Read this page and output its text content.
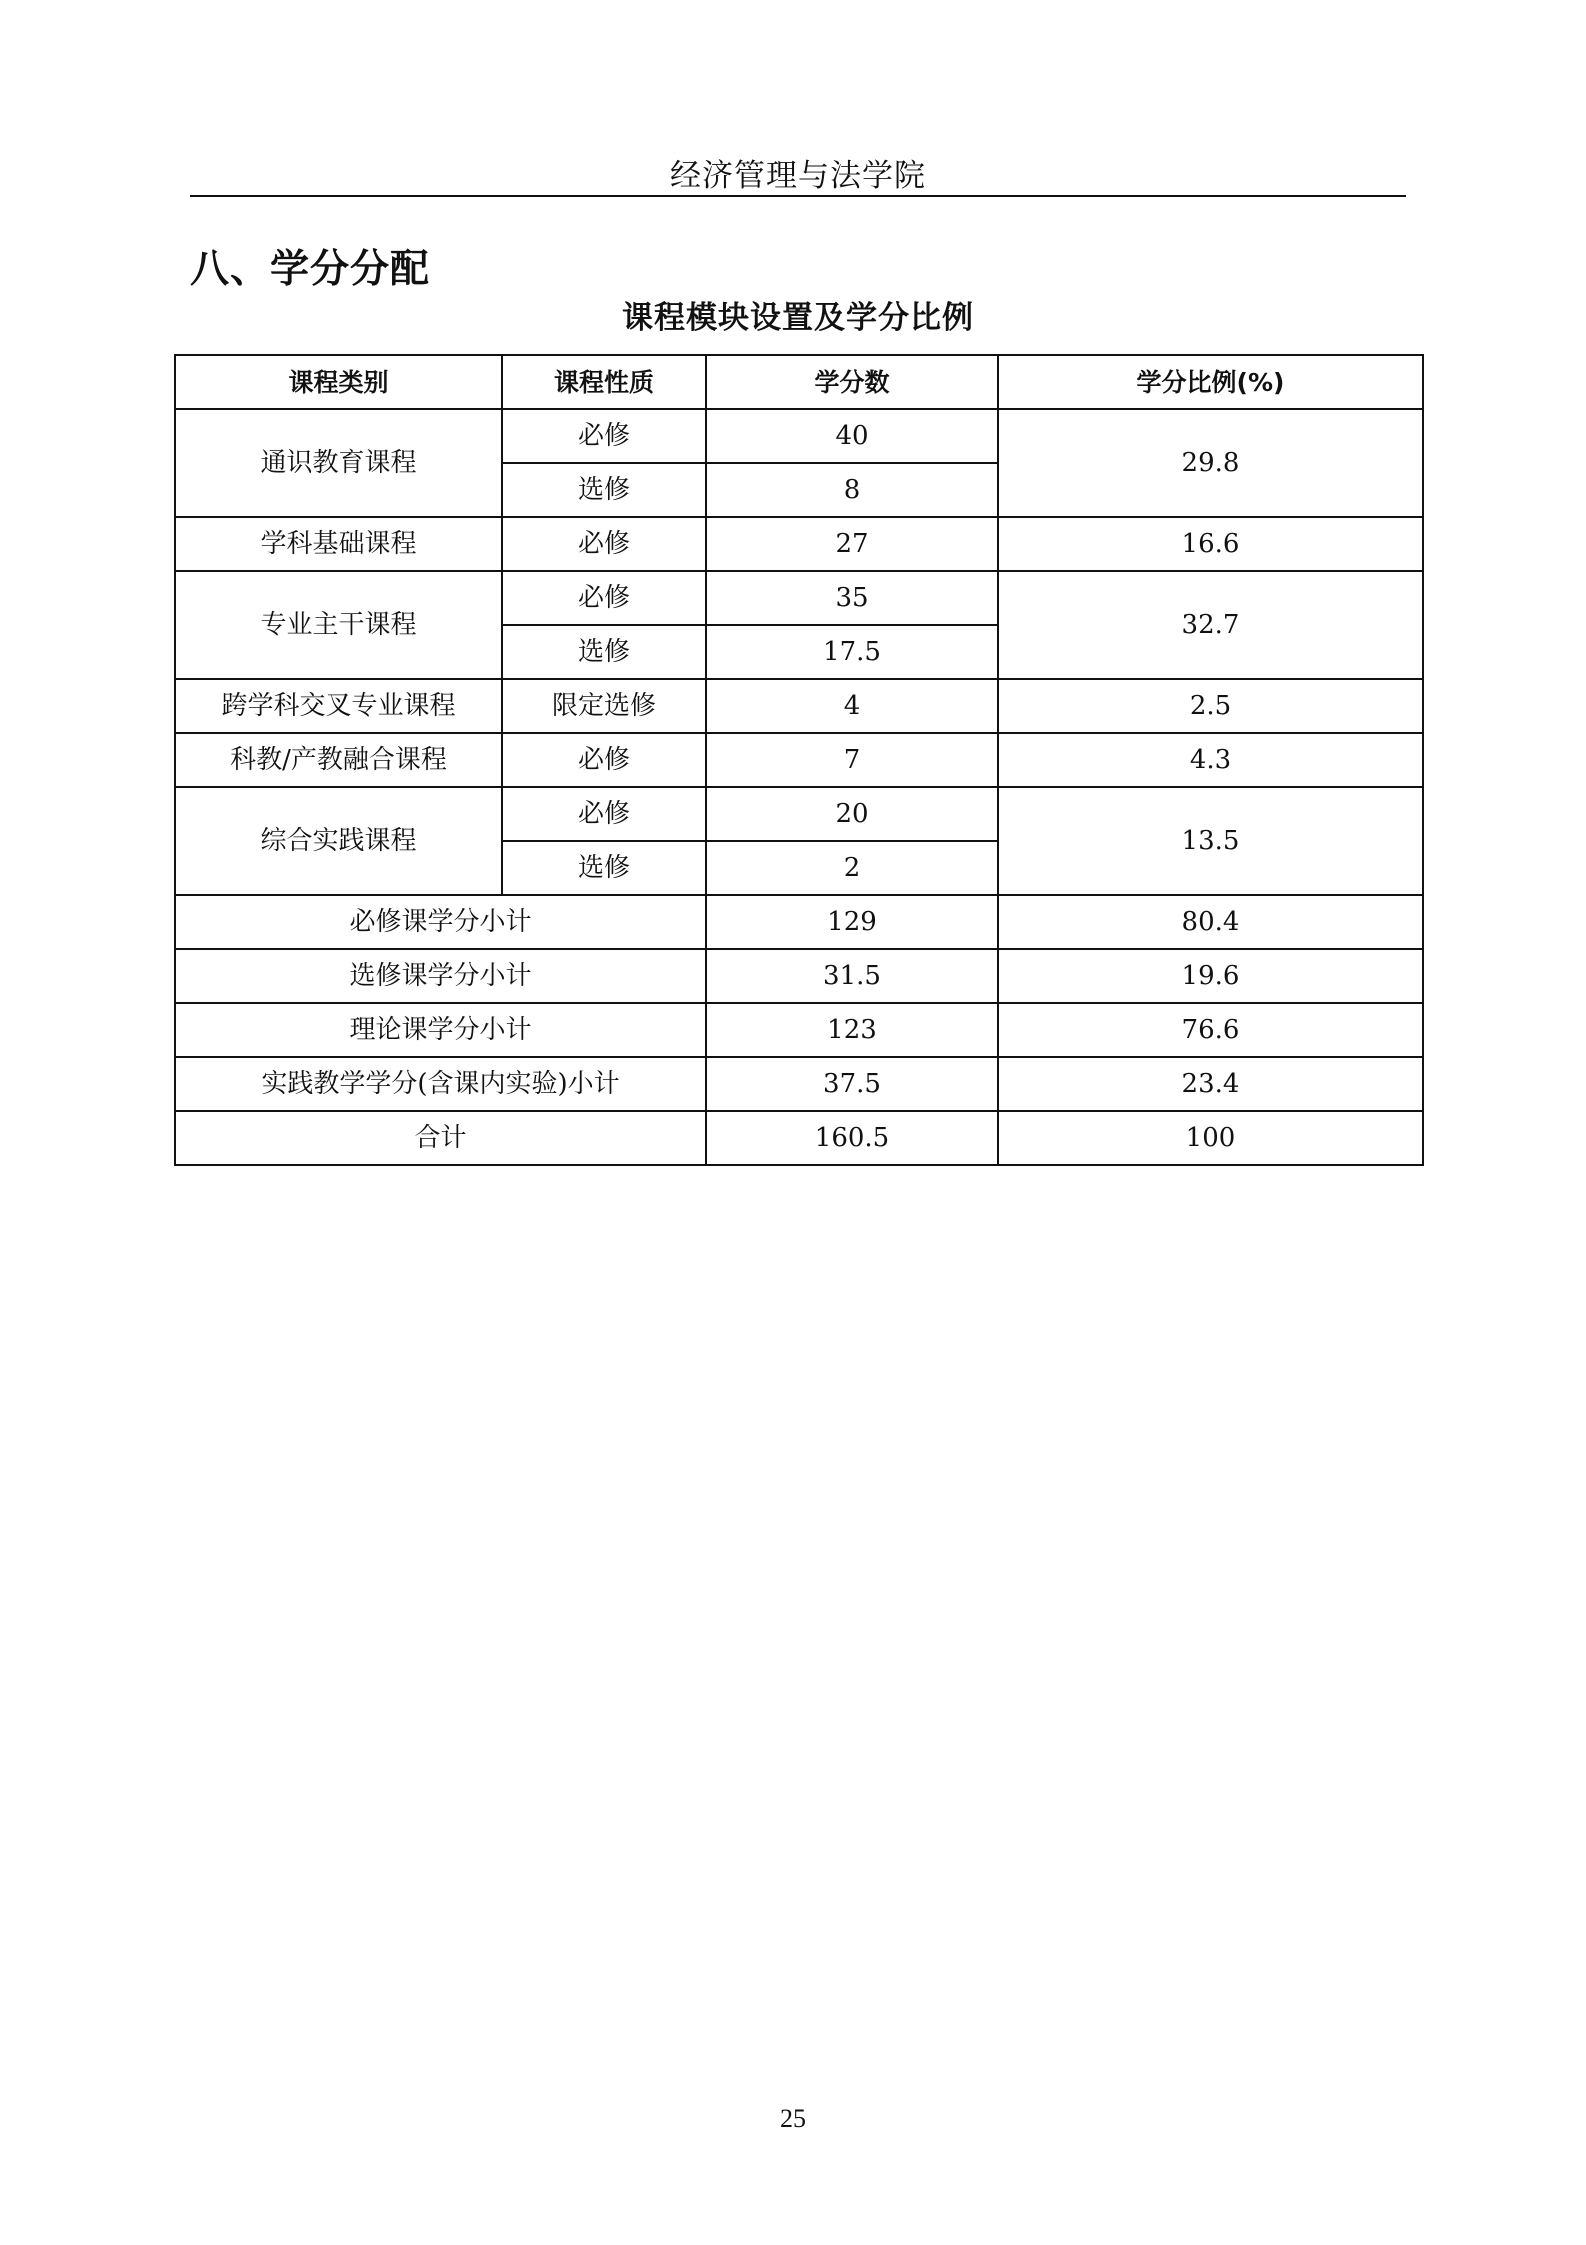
经济管理与法学院
八、学分分配
课程模块设置及学分比例
课程类别	课程性质	学分数	学分比例(%)
通识教育课程	必修	40	29.8
	选修	8	
学科基础课程	必修	27	16.6
专业主干课程	必修	35	32.7
	选修	17.5	
跨学科交叉专业课程	限定选修	4	2.5
科教/产教融合课程	必修	7	4.3
综合实践课程	必修	20	13.5
	选修	2	
必修课学分小计		129	80.4
选修课学分小计		31.5	19.6
理论课学分小计		123	76.6
实践教学学分(含课内实验)小计		37.5	23.4
合计		160.5	100
25
